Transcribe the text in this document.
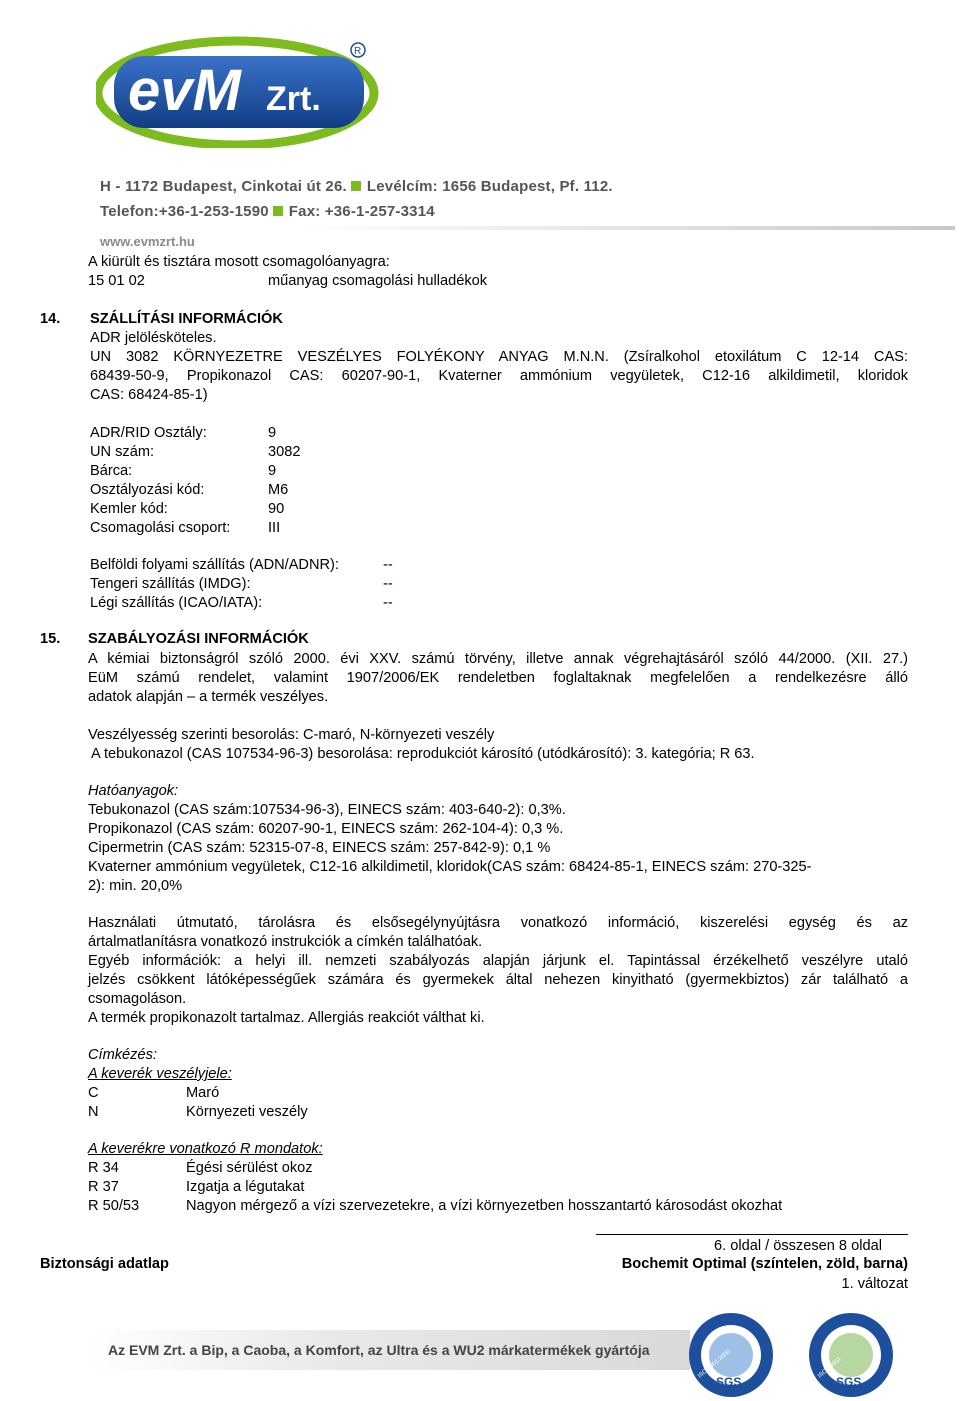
evM Zrt.
R
H - 1172 Budapest, Cinkotai út 26. Levélcím: 1656 Budapest, Pf. 112.
Telefon:+36-1-253-1590 Fax: +36-1-257-3314
www.evmzrt.hu
A kiürült és tisztára mosott csomagolóanyagra:
15 01 02	műanyag csomagolási hulladékok
14. SZÁLLÍTÁSI INFORMÁCIÓK
ADR jelölésköteles.
UN 3082 KÖRNYEZETRE VESZÉLYES FOLYÉKONY ANYAG M.N.N. (Zsíralkohol etoxilátum C 12-14 CAS:
68439-50-9, Propikonazol CAS: 60207-90-1, Kvaterner ammónium vegyületek, C12-16 alkildimetil, kloridok
CAS: 68424-85-1)
ADR/RID Osztály:	9
UN szám:	3082
Bárca:	9
Osztályozási kód:	M6
Kemler kód:	90
Csomagolási csoport:	III
Belföldi folyami szállítás (ADN/ADNR):	--
Tengeri szállítás (IMDG):	--
Légi szállítás (ICAO/IATA):	--
15. SZABÁLYOZÁSI INFORMÁCIÓK
A kémiai biztonságról szóló 2000. évi XXV. számú törvény, illetve annak végrehajtásáról szóló 44/2000. (XII. 27.)
EüM számú rendelet, valamint 1907/2006/EK rendeletben foglaltaknak megfelelően a rendelkezésre álló
adatok alapján – a termék veszélyes.
Veszélyesség szerinti besorolás: C-maró, N-környezeti veszély
A tebukonazol (CAS 107534-96-3) besorolása: reprodukciót károsító (utódkárosító): 3. kategória; R 63.
Hatóanyagok:
Tebukonazol (CAS szám:107534-96-3), EINECS szám: 403-640-2): 0,3%.
Propikonazol (CAS szám: 60207-90-1, EINECS szám: 262-104-4): 0,3 %.
Cipermetrin (CAS szám: 52315-07-8, EINECS szám: 257-842-9): 0,1 %
Kvaterner ammónium vegyületek, C12-16 alkildimetil, kloridok(CAS szám: 68424-85-1, EINECS szám: 270-325-
2): min. 20,0%
Használati útmutató, tárolásra és elsősegélynyújtásra vonatkozó információ, kiszerelési egység és az
ártalmatlanításra vonatkozó instrukciók a címkén találhatóak.
Egyéb információk: a helyi ill. nemzeti szabályozás alapján járjunk el. Tapintással érzékelhető veszélyre utaló
jelzés csökkent látóképességűek számára és gyermekek által nehezen kinyitható (gyermekbiztos) zár található a
csomagoláson.
A termék propikonazolt tartalmaz. Allergiás reakciót válthat ki.
Címkézés:
A keverék veszélyjele:
C	Maró
N	Környezeti veszély
A keverékre vonatkozó R mondatok:
R 34	Égési sérülést okoz
R 37	Izgatja a légutakat
R 50/53	Nagyon mérgező a vízi szervezetekre, a vízi környezetben hosszantartó károsodást okozhat
6. oldal / összesen 8 oldal
Biztonsági adatlap	Bochemit Optimal (színtelen, zöld, barna)
1. változat
Az EVM Zrt. a Bip, a Caoba, a Komfort, az Ultra és a WU2 márkatermékek gyártója
SGS
ISO 9001:2000
SGS
ISO 14001
